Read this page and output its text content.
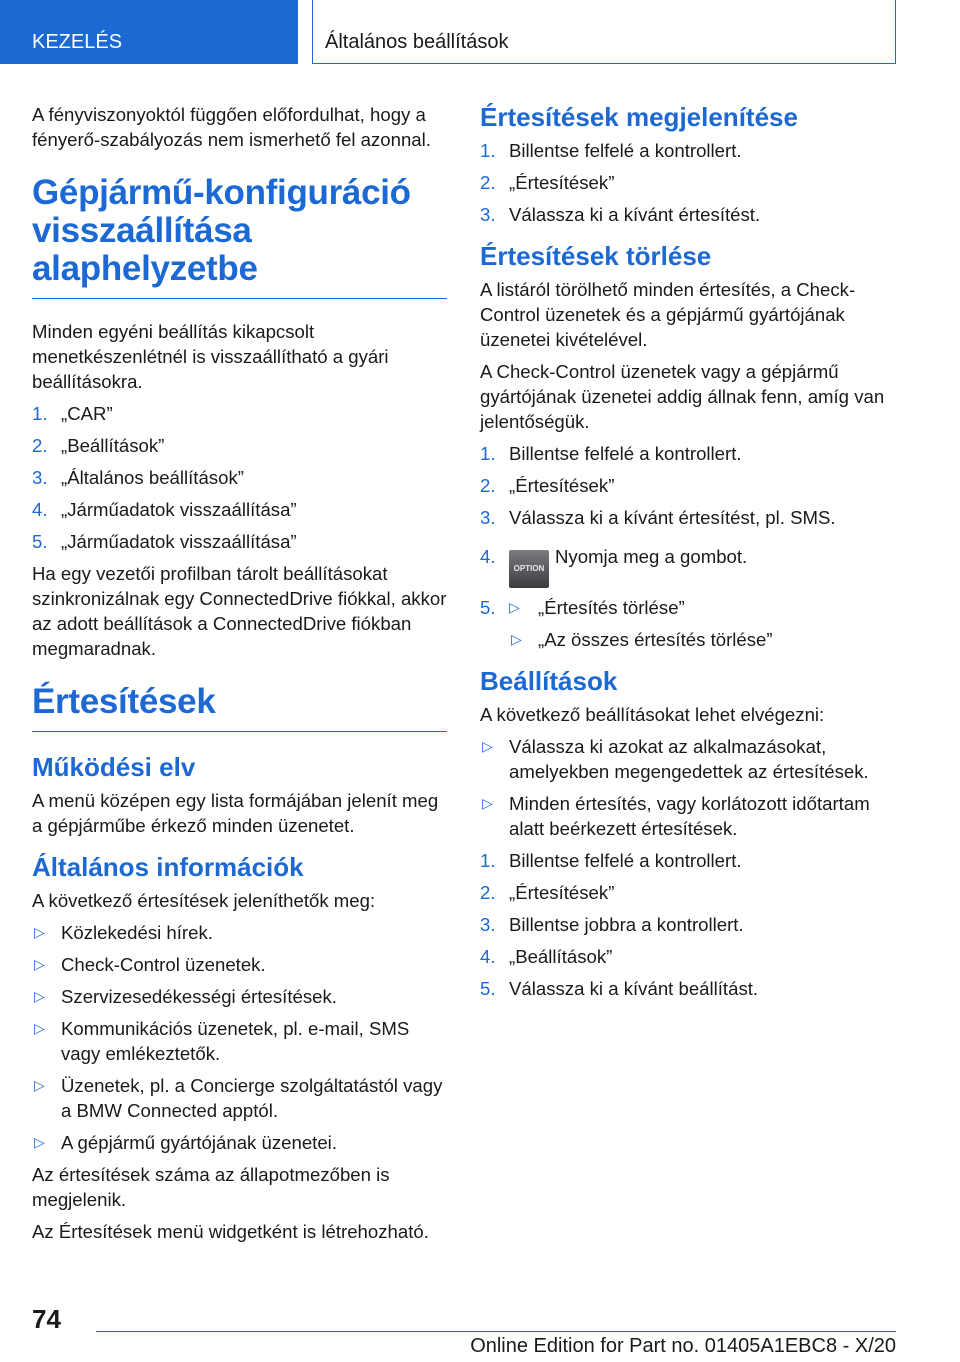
KEZELÉS	Általános beállítások

A fényviszonyoktól függően előfordulhat, hogy a fényerő-szabályozás nem ismerhető fel azonnal.

Gépjármű-konfiguráció visszaállítása alaphelyzetbe

Minden egyéni beállítás kikapcsolt menetkészenlétnél is visszaállítható a gyári beállításokra.

1. „CAR”
2. „Beállítások”
3. „Általános beállítások”
4. „Járműadatok visszaállítása”
5. „Járműadatok visszaállítása”

Ha egy vezetői profilban tárolt beállításokat szinkronizálnak egy ConnectedDrive fiókkal, akkor az adott beállítások a ConnectedDrive fiókban megmaradnak.

Értesítések
Működési elv

A menü középen egy lista formájában jelenít meg a gépjárműbe érkező minden üzenetet.

Általános információk

A következő értesítések jeleníthetők meg:

▷ Közlekedési hírek.
▷ Check-Control üzenetek.
▷ Szervizesedékességi értesítések.
▷ Kommunikációs üzenetek, pl. e-mail, SMS vagy emlékeztetők.
▷ Üzenetek, pl. a Concierge szolgáltatástól vagy a BMW Connected apptól.
▷ A gépjármű gyártójának üzenetei.

Az értesítések száma az állapotmezőben is megjelenik.

Az Értesítések menü widgetként is létrehozható.

Értesítések megjelenítése
1. Billentse felfelé a kontrollert.
2. „Értesítések”
3. Válassza ki a kívánt értesítést.
Értesítések törlése

A listáról törölhető minden értesítés, a Check-Control üzenetek és a gépjármű gyártójának üzenetei kivételével.

A Check-Control üzenetek vagy a gépjármű gyártójának üzenetei addig állnak fenn, amíg van jelentőségük.

1. Billentse felfelé a kontrollert.
2. „Értesítések”
3. Válassza ki a kívánt értesítést, pl. SMS.
4.
OPTIONNyomja meg a gombot.
5. ▷ „Értesítés törlése”
▷ „Az összes értesítés törlése”
Beállítások

A következő beállításokat lehet elvégezni:

▷ Válassza ki azokat az alkalmazásokat, amelyekben megengedettek az értesítések.
▷ Minden értesítés, vagy korlátozott időtartam alatt beérkezett értesítések.
1. Billentse felfelé a kontrollert.
2. „Értesítések”
3. Billentse jobbra a kontrollert.
4. „Beállítások”
5. Válassza ki a kívánt beállítást.
74
Online Edition for Part no. 01405A1EBC8 - X/20
